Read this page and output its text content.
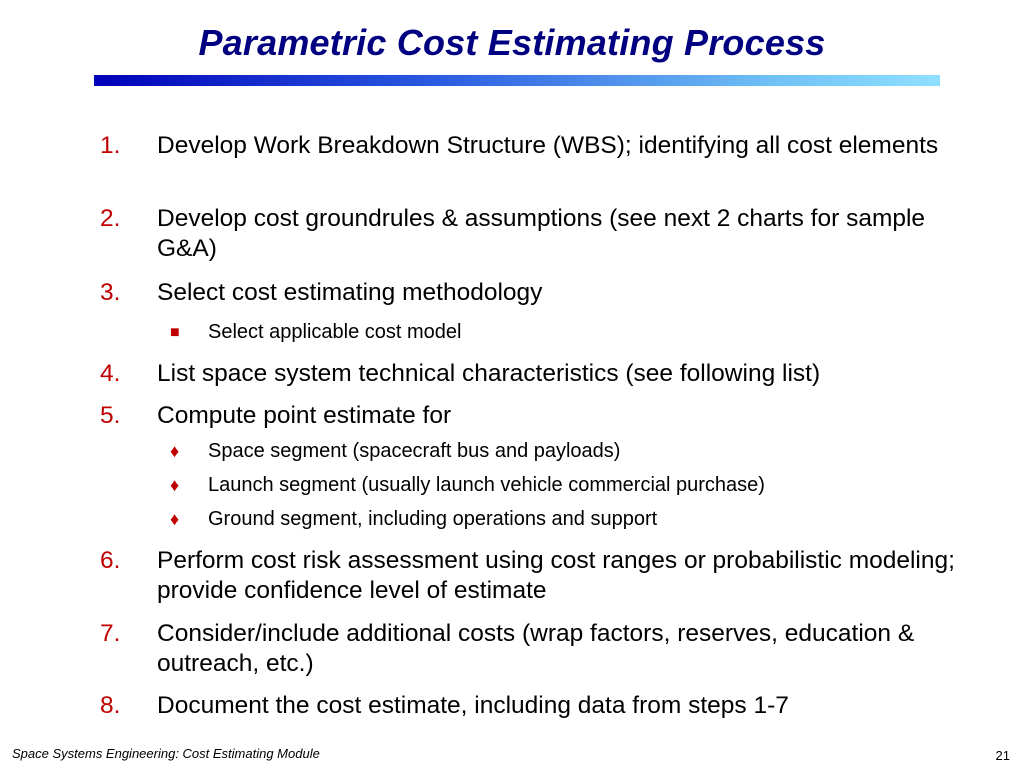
Parametric Cost Estimating Process
1.	Develop Work Breakdown Structure (WBS); identifying all cost elements
2.	Develop cost groundrules & assumptions (see next 2 charts for sample G&A)
3.	Select cost estimating methodology
■ Select applicable cost model
4.	List space system technical characteristics (see following list)
5.	Compute point estimate for
♦ Space segment (spacecraft bus and payloads)
♦ Launch segment (usually launch vehicle commercial purchase)
♦ Ground segment, including operations and support
6.	Perform cost risk assessment using cost ranges or probabilistic modeling; provide confidence level of estimate
7.	Consider/include additional costs (wrap factors, reserves, education & outreach, etc.)
8.	Document the cost estimate, including data from steps 1-7
Space Systems Engineering: Cost Estimating Module	21
